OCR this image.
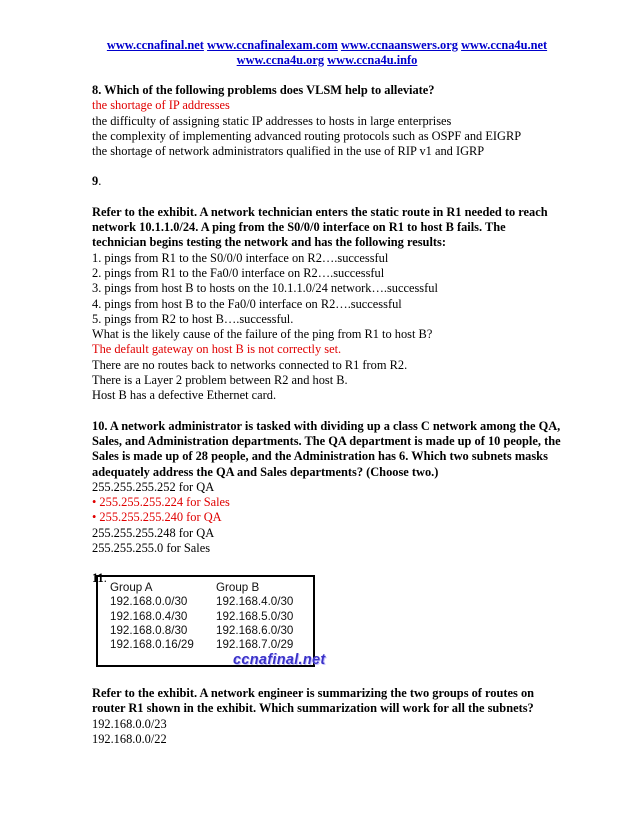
www.ccnafinal.net www.ccnafinalexam.com www.ccnaanswers.org www.ccna4u.net
www.ccna4u.org www.ccna4u.info
8. Which of the following problems does VLSM help to alleviate?
the shortage of IP addresses
the difficulty of assigning static IP addresses to hosts in large enterprises
the complexity of implementing advanced routing protocols such as OSPF and EIGRP
the shortage of network administrators qualified in the use of RIP v1 and IGRP
9.
Refer to the exhibit. A network technician enters the static route in R1 needed to reach network 10.1.1.0/24. A ping from the S0/0/0 interface on R1 to host B fails. The technician begins testing the network and has the following results:
1. pings from R1 to the S0/0/0 interface on R2….successful
2. pings from R1 to the Fa0/0 interface on R2….successful
3. pings from host B to hosts on the 10.1.1.0/24 network….successful
4. pings from host B to the Fa0/0 interface on R2….successful
5. pings from R2 to host B….successful.
What is the likely cause of the failure of the ping from R1 to host B?
The default gateway on host B is not correctly set.
There are no routes back to networks connected to R1 from R2.
There is a Layer 2 problem between R2 and host B.
Host B has a defective Ethernet card.
10. A network administrator is tasked with dividing up a class C network among the QA, Sales, and Administration departments. The QA department is made up of 10 people, the Sales is made up of 28 people, and the Administration has 6. Which two subnets masks adequately address the QA and Sales departments? (Choose two.)
255.255.255.252 for QA
• 255.255.255.224 for Sales
• 255.255.255.240 for QA
255.255.255.248 for QA
255.255.255.0 for Sales
11.
Group A
192.168.0.0/30
192.168.0.4/30
192.168.0.8/30
192.168.0.16/29
Group B
192.168.4.0/30
192.168.5.0/30
192.168.6.0/30
192.168.7.0/29
ccnafinal.net
Refer to the exhibit. A network engineer is summarizing the two groups of routes on router R1 shown in the exhibit. Which summarization will work for all the subnets?
192.168.0.0/23
192.168.0.0/22
